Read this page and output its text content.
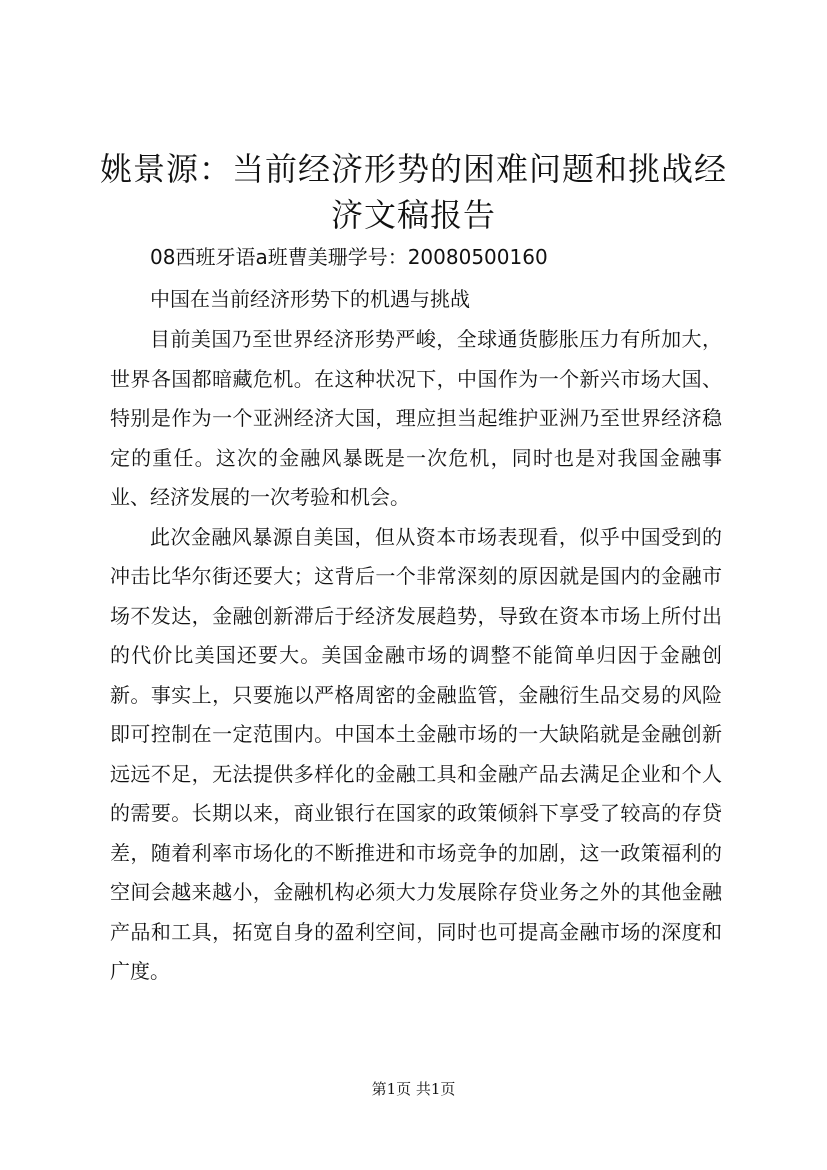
姚景源：当前经济形势的困难问题和挑战经济文稿报告

08西班牙语a班曹美珊学号：20080500160

中国在当前经济形势下的机遇与挑战

目前美国乃至世界经济形势严峻，全球通货膨胀压力有所加大，世界各国都暗藏危机。在这种状况下，中国作为一个新兴市场大国、特别是作为一个亚洲经济大国，理应担当起维护亚洲乃至世界经济稳定的重任。这次的金融风暴既是一次危机，同时也是对我国金融事业、经济发展的一次考验和机会。

此次金融风暴源自美国，但从资本市场表现看，似乎中国受到的冲击比华尔街还要大；这背后一个非常深刻的原因就是国内的金融市场不发达，金融创新滞后于经济发展趋势，导致在资本市场上所付出的代价比美国还要大。美国金融市场的调整不能简单归因于金融创新。事实上，只要施以严格周密的金融监管，金融衍生品交易的风险即可控制在一定范围内。中国本土金融市场的一大缺陷就是金融创新远远不足，无法提供多样化的金融工具和金融产品去满足企业和个人的需要。长期以来，商业银行在国家的政策倾斜下享受了较高的存贷差，随着利率市场化的不断推进和市场竞争的加剧，这一政策福利的空间会越来越小，金融机构必须大力发展除存贷业务之外的其他金融产品和工具，拓宽自身的盈利空间，同时也可提高金融市场的深度和广度。

第1页 共1页
